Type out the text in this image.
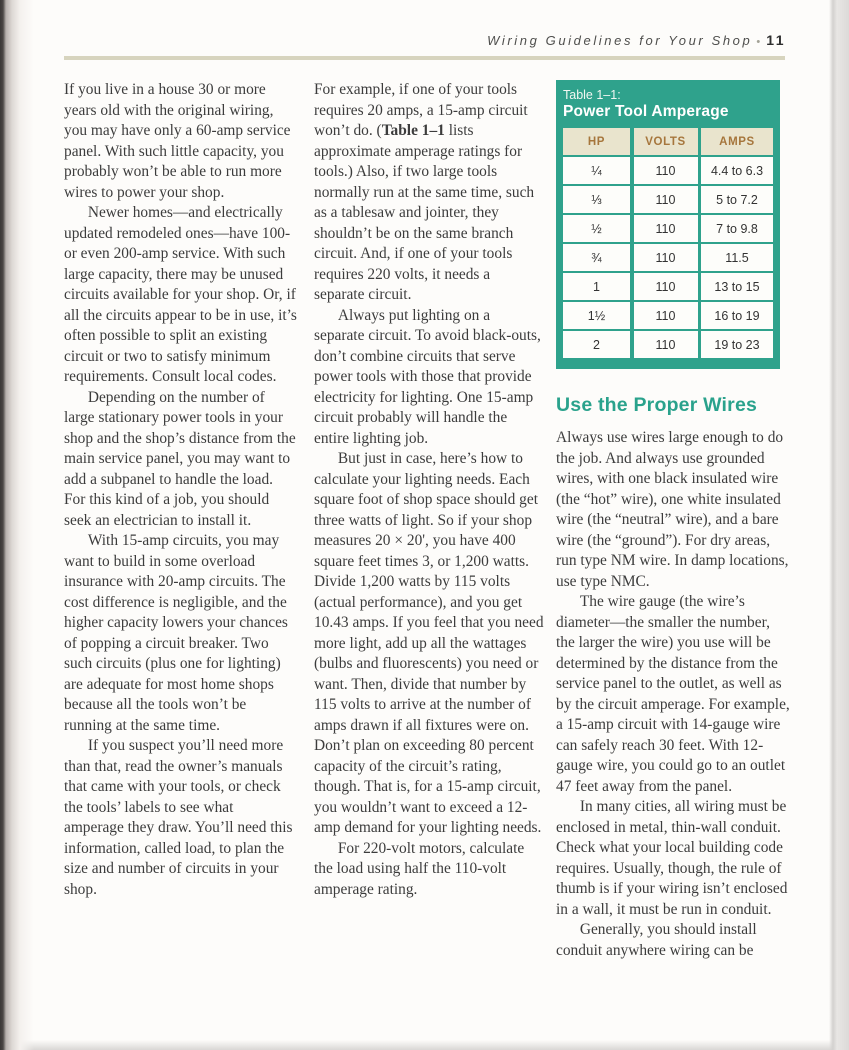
Wiring Guidelines for Your Shop • 11

If you live in a house 30 or more years old with the original wiring, you may have only a 60-amp service panel. With such little capacity, you probably won’t be able to run more wires to power your shop.

Newer homes—and electrically updated remodeled ones—have 100- or even 200-amp service. With such large capacity, there may be unused circuits available for your shop. Or, if all the circuits appear to be in use, it’s often possible to split an existing circuit or two to satisfy minimum requirements. Consult local codes.

Depending on the number of large stationary power tools in your shop and the shop’s distance from the main service panel, you may want to add a subpanel to handle the load. For this kind of a job, you should seek an electrician to install it.

With 15-amp circuits, you may want to build in some overload insurance with 20-amp circuits. The cost difference is negligible, and the higher capacity lowers your chances of popping a circuit breaker. Two such circuits (plus one for lighting) are adequate for most home shops because all the tools won’t be running at the same time.

If you suspect you’ll need more than that, read the owner’s manuals that came with your tools, or check the tools’ labels to see what amperage they draw. You’ll need this information, called load, to plan the size and number of circuits in your shop.

For example, if one of your tools requires 20 amps, a 15-amp circuit won’t do. (Table 1–1 lists approximate amperage ratings for tools.) Also, if two large tools normally run at the same time, such as a tablesaw and jointer, they shouldn’t be on the same branch circuit. And, if one of your tools requires 220 volts, it needs a separate circuit.

Always put lighting on a separate circuit. To avoid black-outs, don’t combine circuits that serve power tools with those that provide electricity for lighting. One 15-amp circuit probably will handle the entire lighting job.

But just in case, here’s how to calculate your lighting needs. Each square foot of shop space should get three watts of light. So if your shop measures 20 × 20', you have 400 square feet times 3, or 1,200 watts. Divide 1,200 watts by 115 volts (actual performance), and you get 10.43 amps. If you feel that you need more light, add up all the wattages (bulbs and fluorescents) you need or want. Then, divide that number by 115 volts to arrive at the number of amps drawn if all fixtures were on. Don’t plan on exceeding 80 percent capacity of the circuit’s rating, though. That is, for a 15-amp circuit, you wouldn’t want to exceed a 12-amp demand for your lighting needs.

For 220-volt motors, calculate the load using half the 110-volt amperage rating.

Table 1–1:
Power Tool Amperage
HP	VOLTS	AMPS
¼	110	4.4 to 6.3
⅓	110	5 to 7.2
½	110	7 to 9.8
¾	110	11.5
1	110	13 to 15
1½	110	16 to 19
2	110	19 to 23
Use the Proper Wires

Always use wires large enough to do the job. And always use grounded wires, with one black insulated wire (the “hot” wire), one white insulated wire (the “neutral” wire), and a bare wire (the “ground”). For dry areas, run type NM wire. In damp locations, use type NMC.

The wire gauge (the wire’s diameter—the smaller the number, the larger the wire) you use will be determined by the distance from the service panel to the outlet, as well as by the circuit amperage. For example, a 15-amp circuit with 14-gauge wire can safely reach 30 feet. With 12-gauge wire, you could go to an outlet 47 feet away from the panel.

In many cities, all wiring must be enclosed in metal, thin-wall conduit. Check what your local building code requires. Usually, though, the rule of thumb is if your wiring isn’t enclosed in a wall, it must be run in conduit.

Generally, you should install conduit anywhere wiring can be
